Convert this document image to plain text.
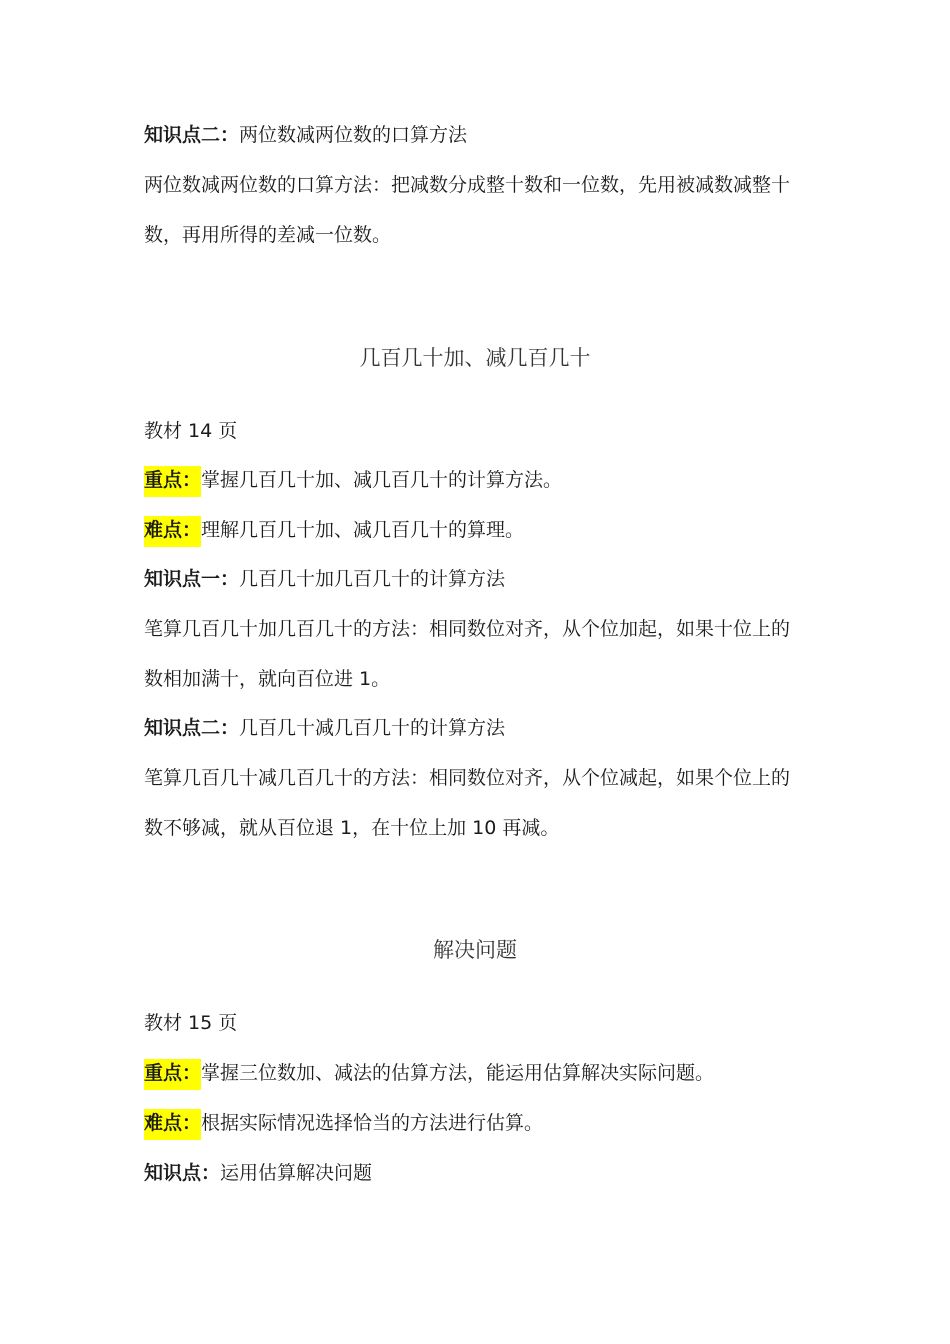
知识点二：两位数减两位数的口算方法
两位数减两位数的口算方法：把减数分成整十数和一位数，先用被减数减整十
数，再用所得的差减一位数。
几百几十加、减几百几十
教材 14 页
重点：掌握几百几十加、减几百几十的计算方法。
难点：理解几百几十加、减几百几十的算理。
知识点一：几百几十加几百几十的计算方法
笔算几百几十加几百几十的方法：相同数位对齐，从个位加起，如果十位上的
数相加满十，就向百位进 1。
知识点二：几百几十减几百几十的计算方法
笔算几百几十减几百几十的方法：相同数位对齐，从个位减起，如果个位上的
数不够减，就从百位退 1，在十位上加 10 再减。
解决问题
教材 15 页
重点：掌握三位数加、减法的估算方法，能运用估算解决实际问题。
难点：根据实际情况选择恰当的方法进行估算。
知识点：运用估算解决问题
